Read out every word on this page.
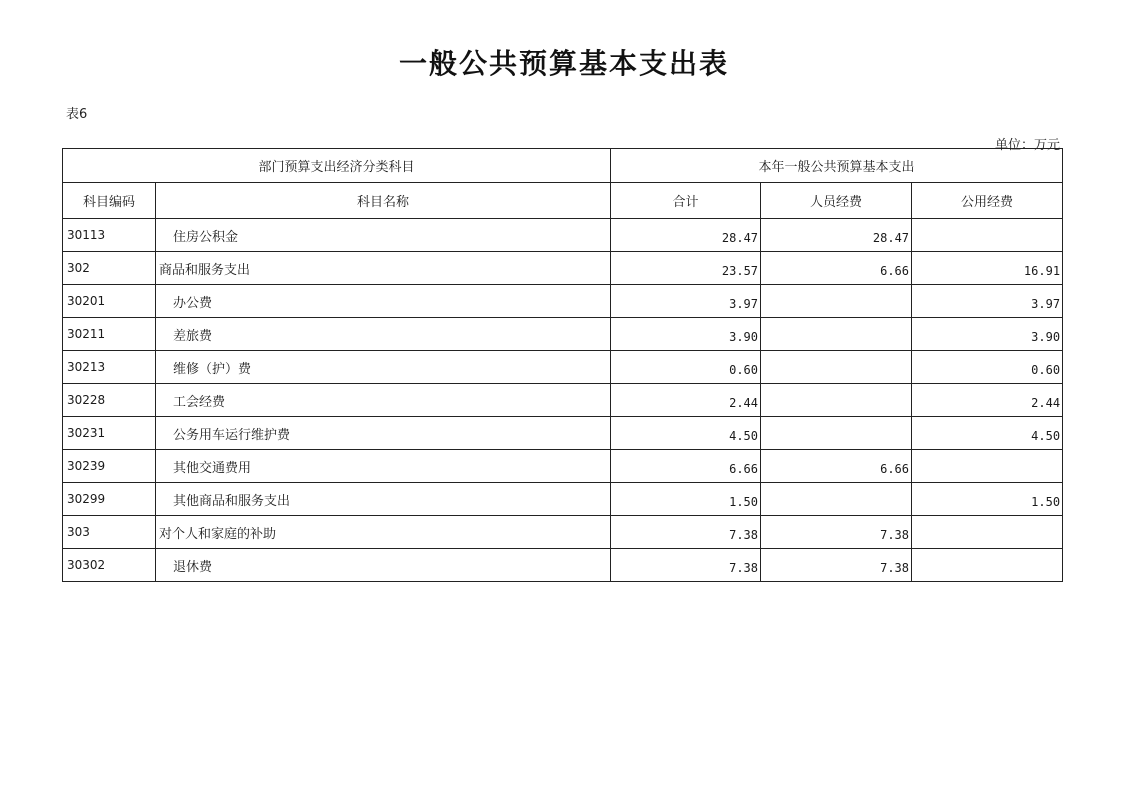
一般公共预算基本支出表
表6
单位：万元
部门预算支出经济分类科目		本年一般公共预算基本支出		
科目编码	科目名称	合计	人员经费	公用经费
30113	住房公积金	28.47	28.47	
302	商品和服务支出	23.57	6.66	16.91
30201	办公费	3.97		3.97
30211	差旅费	3.90		3.90
30213	维修（护）费	0.60		0.60
30228	工会经费	2.44		2.44
30231	公务用车运行维护费	4.50		4.50
30239	其他交通费用	6.66	6.66	
30299	其他商品和服务支出	1.50		1.50
303	对个人和家庭的补助	7.38	7.38	
30302	退休费	7.38	7.38	
